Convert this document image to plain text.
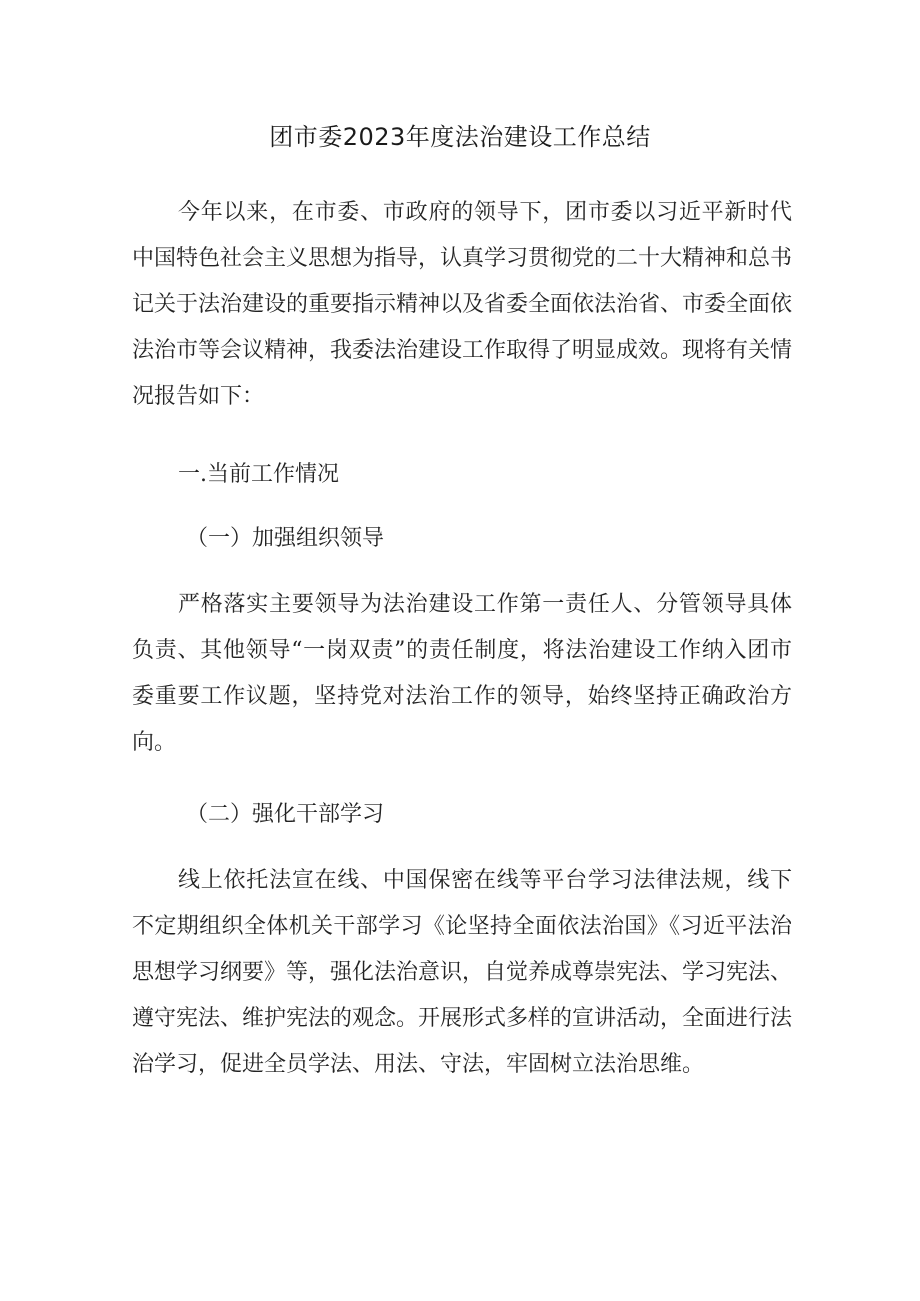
团市委2023年度法治建设工作总结

今年以来，在市委、市政府的领导下，团市委以习近平新时代中国特色社会主义思想为指导，认真学习贯彻党的二十大精神和总书记关于法治建设的重要指示精神以及省委全面依法治省、市委全面依法治市等会议精神，我委法治建设工作取得了明显成效。现将有关情况报告如下：

一.当前工作情况

（一）加强组织领导

严格落实主要领导为法治建设工作第一责任人、分管领导具体负责、其他领导“一岗双责”的责任制度，将法治建设工作纳入团市委重要工作议题，坚持党对法治工作的领导，始终坚持正确政治方向。

（二）强化干部学习

线上依托法宣在线、中国保密在线等平台学习法律法规，线下不定期组织全体机关干部学习《论坚持全面依法治国》《习近平法治思想学习纲要》等，强化法治意识，自觉养成尊崇宪法、学习宪法、遵守宪法、维护宪法的观念。开展形式多样的宣讲活动，全面进行法治学习，促进全员学法、用法、守法，牢固树立法治思维。
